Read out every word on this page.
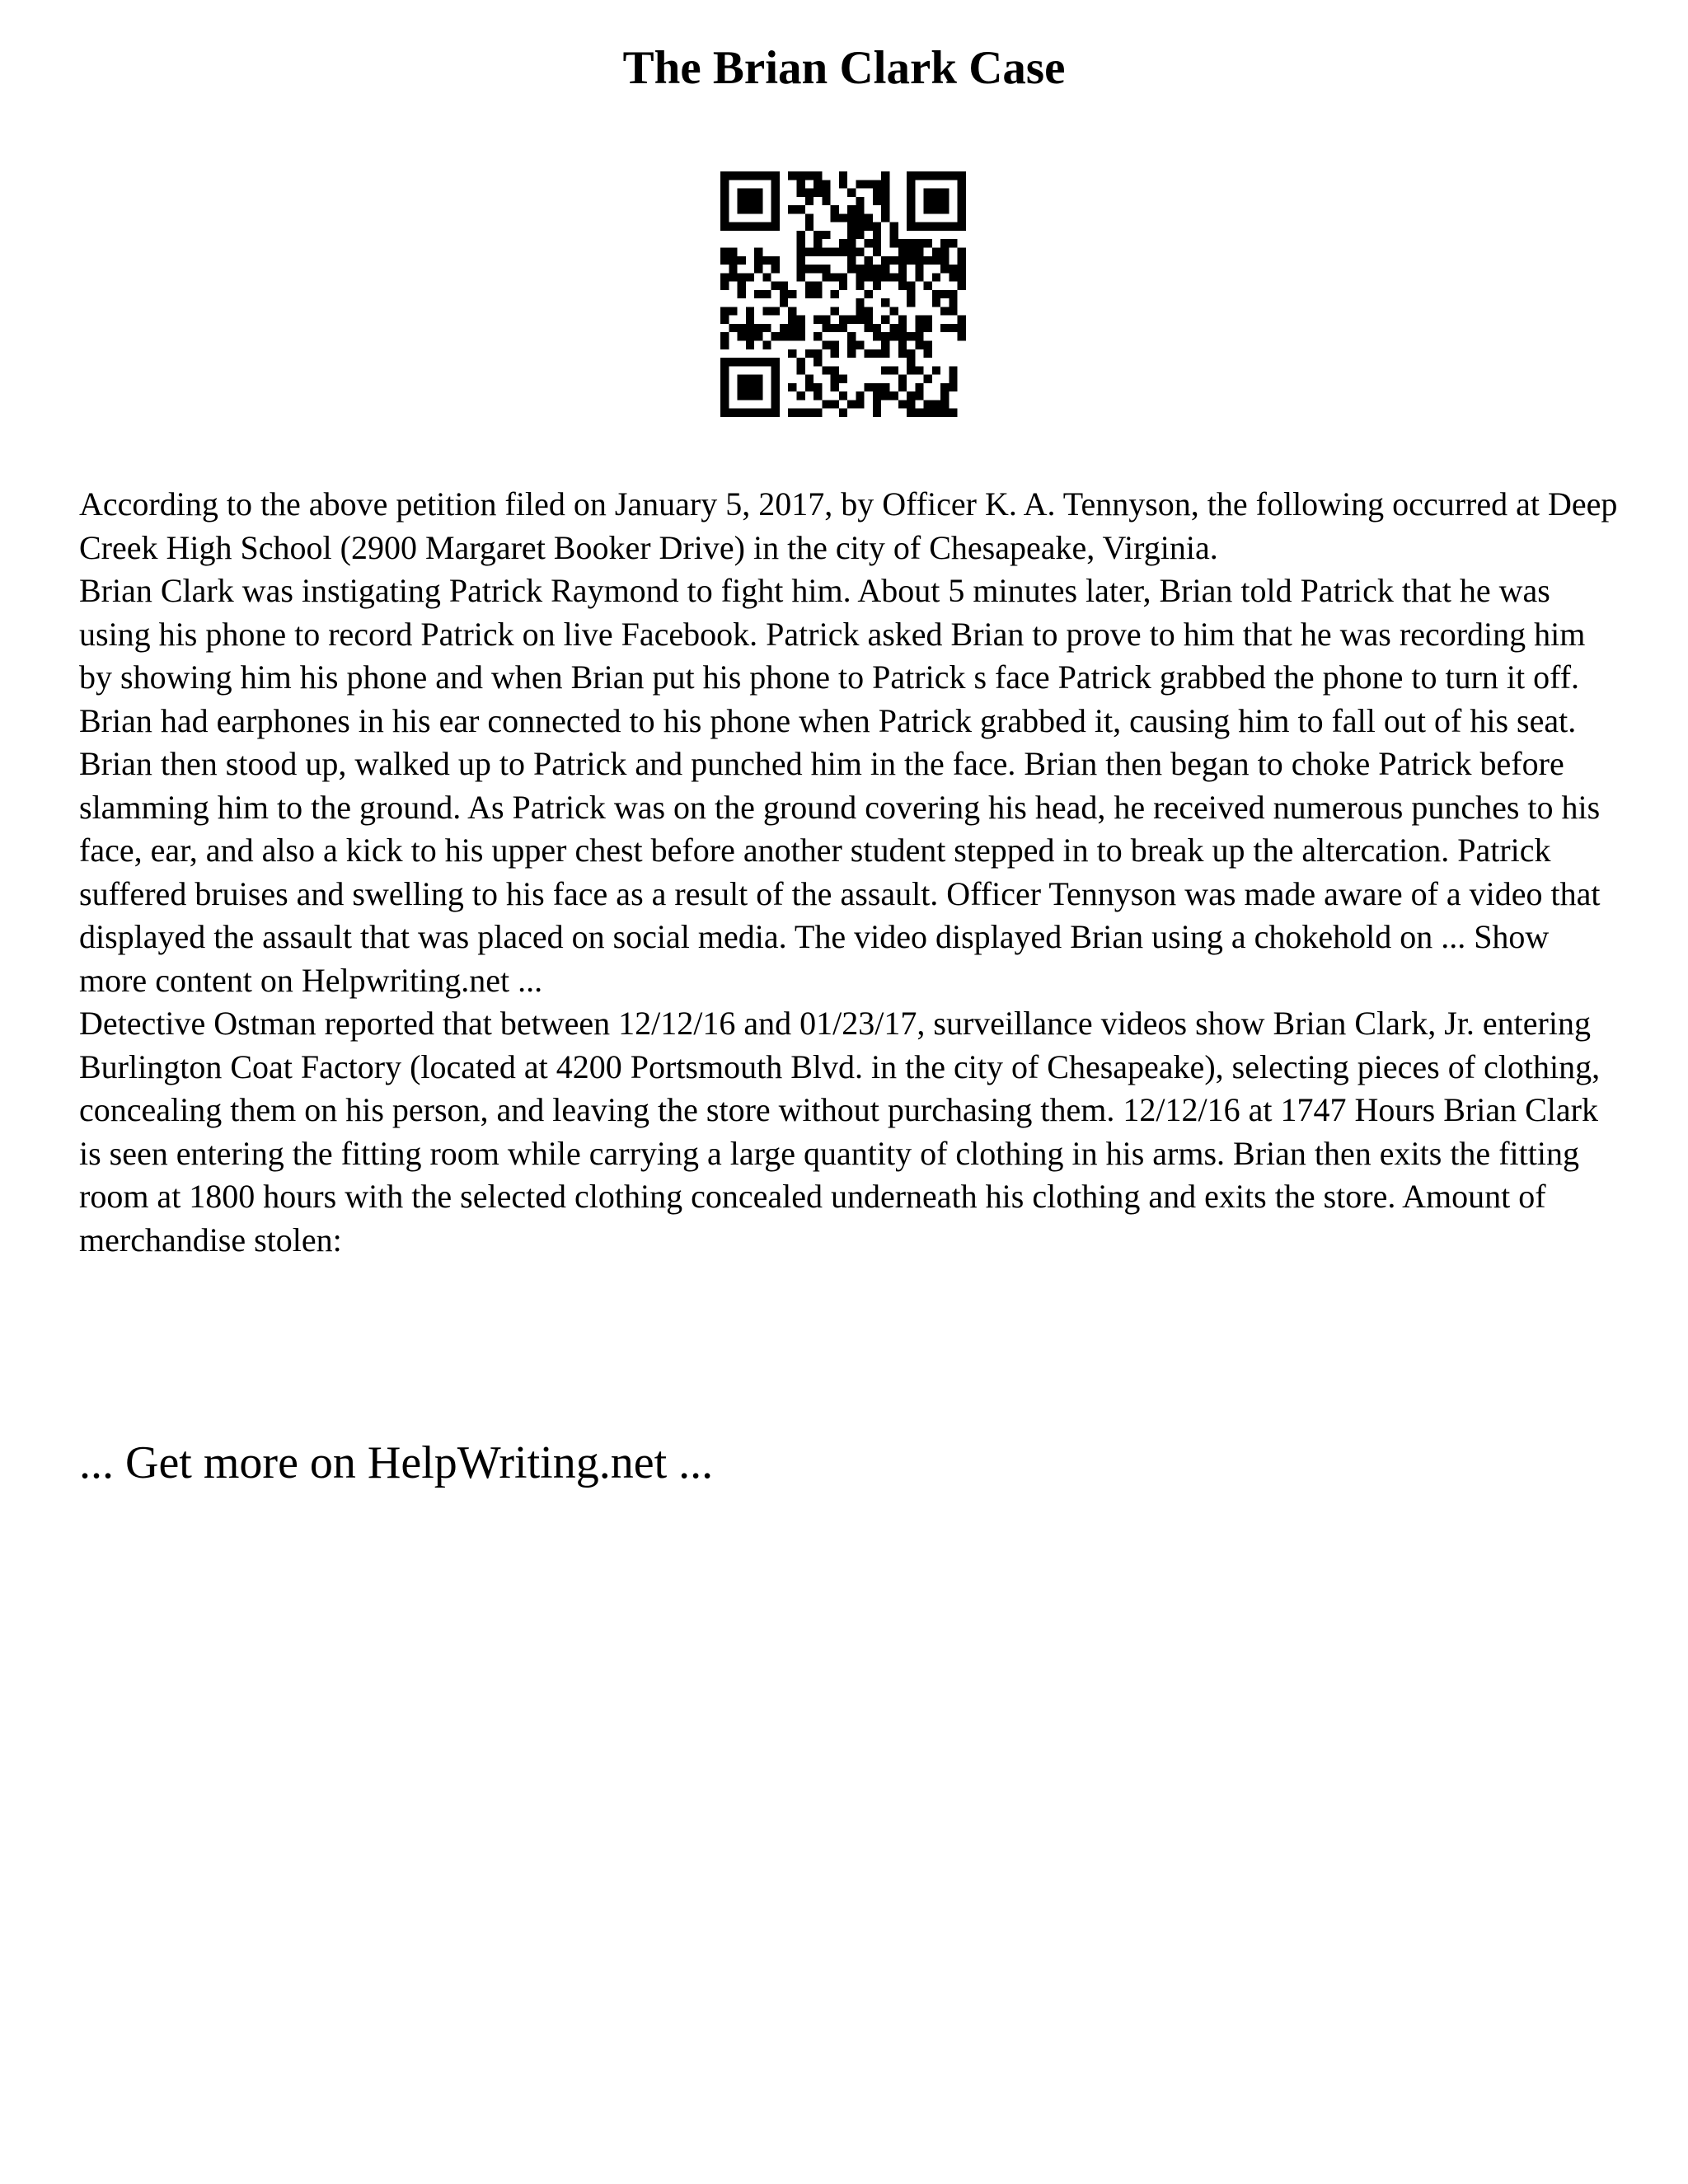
The Brian Clark Case

According to the above petition filed on January 5, 2017, by Officer K. A. Tennyson, the following occurred at Deep Creek High School (2900 Margaret Booker Drive) in the city of Chesapeake, Virginia.

Brian Clark was instigating Patrick Raymond to fight him. About 5 minutes later, Brian told Patrick that he was using his phone to record Patrick on live Facebook. Patrick asked Brian to prove to him that he was recording him by showing him his phone and when Brian put his phone to Patrick s face Patrick grabbed the phone to turn it off. Brian had earphones in his ear connected to his phone when Patrick grabbed it, causing him to fall out of his seat. Brian then stood up, walked up to Patrick and punched him in the face. Brian then began to choke Patrick before slamming him to the ground. As Patrick was on the ground covering his head, he received numerous punches to his face, ear, and also a kick to his upper chest before another student stepped in to break up the altercation. Patrick suffered bruises and swelling to his face as a result of the assault. Officer Tennyson was made aware of a video that displayed the assault that was placed on social media. The video displayed Brian using a chokehold on ... Show more content on Helpwriting.net ...

Detective Ostman reported that between 12/12/16 and 01/23/17, surveillance videos show Brian Clark, Jr. entering Burlington Coat Factory (located at 4200 Portsmouth Blvd. in the city of Chesapeake), selecting pieces of clothing, concealing them on his person, and leaving the store without purchasing them. 12/12/16 at 1747 Hours Brian Clark is seen entering the fitting room while carrying a large quantity of clothing in his arms. Brian then exits the fitting room at 1800 hours with the selected clothing concealed underneath his clothing and exits the store. Amount of merchandise stolen:

... Get more on HelpWriting.net ...
